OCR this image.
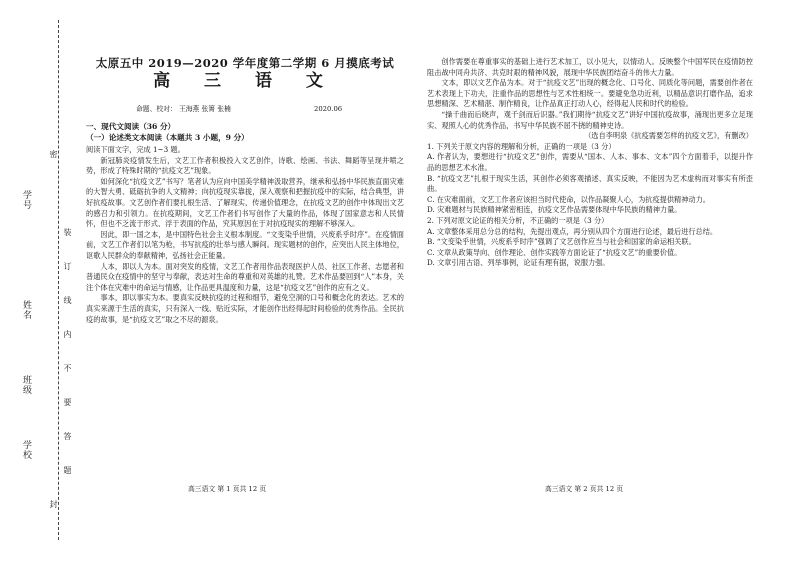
学号
姓名
班级
学校
装
订
线
内
不
要
答
题
密
封
太原五中 2019—2020 学年度第二学期 6 月摸底考试
高 三 语 文
命题、校对： 王海燕 张箐 张楠	2020.06
一、现代文阅读（36 分）
（一）论述类文本阅读（本题共 3 小题，9 分）

阅读下面文字，完成 1~3 题。

新冠肺炎疫情发生后，文艺工作者积极投入文艺创作，诗歌、绘画、书法、舞蹈等呈现井喷之势，形成了特殊时期的“抗疫文艺”现象。

如何深化“抗疫文艺”书写？笔者认为应向中国美学精神汲取营养，继承和弘扬中华民族直面灾难的大智大勇、砥砺抗争的人文精神；向抗疫现实靠拢，深入观察和把握抗疫中的实际，结合典型，讲好抗疫故事。文艺创作者们要扎根生活、了解现实，传递价值理念，在抗疫文艺的创作中体现出文艺的感召力和引领力。在抗疫期间，文艺工作者们书写创作了大量的作品，体现了国家意志和人民情怀，但也不乏流于形式、浮于表面的作品，究其原因在于对抗疫现实的理解不够深入。

因此，即一国之本，是中国特色社会主义根本制度。“文变染乎世情，兴废系乎时序”。在疫情面前，文艺工作者们以笔为枪，书写抗疫的壮举与感人瞬间。现实题材的创作，应突出人民主体地位，讴歌人民群众的奉献精神，弘扬社会正能量。

人本，即以人为本。面对突发的疫情，文艺工作者用作品表现医护人员、社区工作者、志愿者和普通民众在疫情中的坚守与奉献，表达对生命的尊重和对英雄的礼赞。艺术作品要回到“人”本身，关注个体在灾难中的命运与情感，让作品更具温度和力量，这是“抗疫文艺”创作的应有之义。

事本，即以事实为本。要真实反映抗疫的过程和细节，避免空洞的口号和概念化的表达。艺术的真实来源于生活的真实，只有深入一线、贴近实际，才能创作出经得起时间检验的优秀作品。全民抗疫的故事，是“抗疫文艺”取之不尽的源泉。

高三语文 第 1 页共 12 页

创作需要在尊重事实的基础上进行艺术加工，以小见大，以情动人。反映整个中国军民在疫情防控阻击战中同舟共济、共克时艰的精神风貌，展现中华民族团结奋斗的伟大力量。

文本，即以文艺作品为本。对于“抗疫文艺”出现的概念化、口号化、同质化等问题，需要创作者在艺术表现上下功夫，注重作品的思想性与艺术性相统一。要避免急功近利，以精品意识打磨作品，追求思想精深、艺术精湛、制作精良，让作品真正打动人心，经得起人民和时代的检验。

“操千曲而后晓声，观千剑而后识器。”我们期待“抗疫文艺”讲好中国抗疫故事，涌现出更多立足现实、观照人心的优秀作品，书写中华民族不屈不挠的精神史诗。

（选自李明泉《抗疫需要怎样的抗疫文艺》，有删改）

1. 下列关于原文内容的理解和分析，正确的一项是（3 分）

A. 作者认为，要想进行“抗疫文艺”创作，需要从“国本、人本、事本、文本”四个方面着手，以提升作品的思想艺术水准。

B. “抗疫文艺”扎根于现实生活，其创作必须客观描述、真实反映，不能因为艺术虚构而对事实有所歪曲。

C. 在灾难面前，文艺工作者应该担当时代使命，以作品凝聚人心，为抗疫提供精神动力。

D. 灾难题材与民族精神紧密相连，抗疫文艺作品需要体现中华民族的精神力量。

2. 下列对原文论证的相关分析，不正确的一项是（3 分）

A. 文章整体采用总分总的结构，先提出观点，再分别从四个方面进行论述，最后进行总结。

B. “文变染乎世情，兴废系乎时序”强调了文艺创作应当与社会和国家的命运相关联。

C. 文章从政策导向、创作理论、创作实践等方面论证了“抗疫文艺”的重要价值。

D. 文章引用古语、列举事例，论证有理有据，说服力强。

高三语文 第 2 页共 12 页
